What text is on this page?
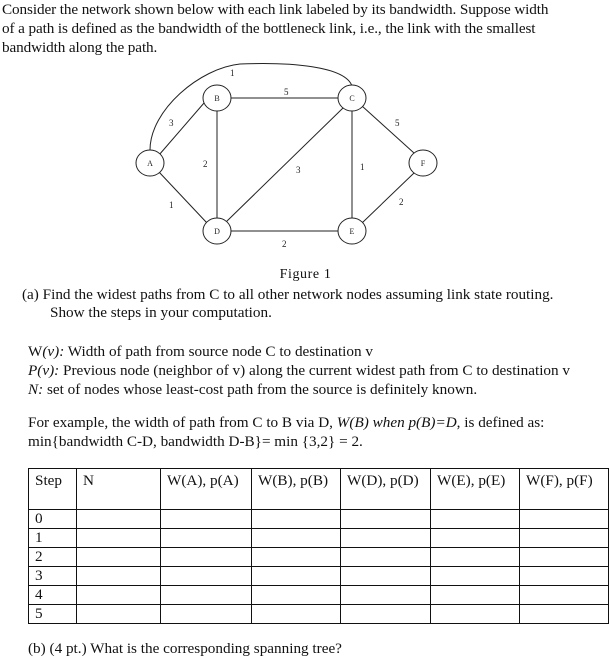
Consider the network shown below with each link labeled by its bandwidth. Suppose width
of a path is defined as the bandwidth of the bottleneck link, i.e., the link with the smallest
bandwidth along the path.
1
3
1
5
2
3	1
5
2
2
A
B	C
D	E
F
Figure 1
(a) Find the widest paths from C to all other network nodes assuming link state routing.
Show the steps in your computation.
W(v): Width of path from source node C to destination v
P(v): Previous node (neighbor of v) along the current widest path from C to destination v
N: set of nodes whose least-cost path from the source is definitely known.
For example, the width of path from C to B via D, W(B) when p(B)=D, is defined as:
min{bandwidth C-D, bandwidth D-B}= min {3,2} = 2.
Step	N	W(A), p(A)	W(B), p(B)	W(D), p(D)	W(E), p(E)	W(F), p(F)
0						
1						
2						
3						
4						
5						
(b) (4 pt.) What is the corresponding spanning tree?
